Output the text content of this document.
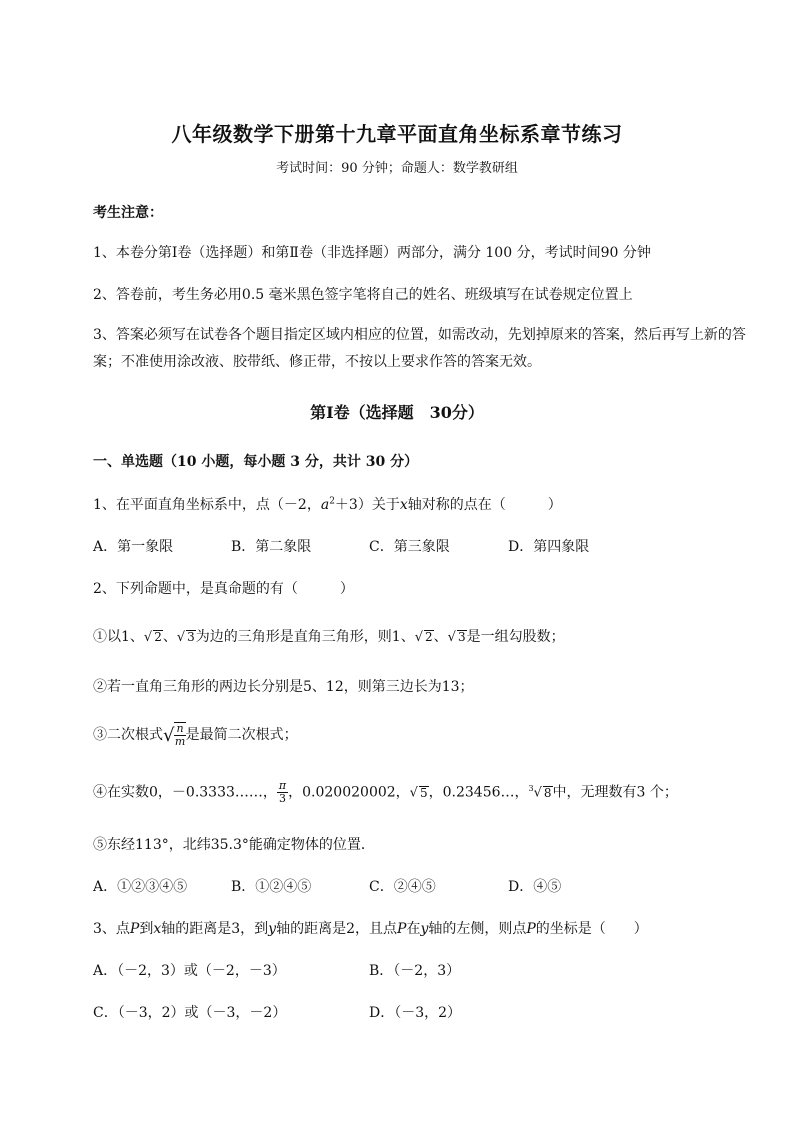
八年级数学下册第十九章平面直角坐标系章节练习
考试时间：90 分钟；命题人：数学教研组
考生注意：
1、本卷分第Ⅰ卷（选择题）和第Ⅱ卷（非选择题）两部分，满分 100 分，考试时间90 分钟
2、答卷前，考生务必用0.5 毫米黑色签字笔将自己的姓名、班级填写在试卷规定位置上
3、答案必须写在试卷各个题目指定区域内相应的位置，如需改动，先划掉原来的答案，然后再写上新的答案；不准使用涂改液、胶带纸、修正带，不按以上要求作答的答案无效。
第Ⅰ卷（选择题　30分）
一、单选题（10 小题，每小题 3 分，共计 30 分）
1、在平面直角坐标系中，点（－2，$a^2+3$）关于x轴对称的点在（　　　）
A．第一象限	B．第二象限	C．第三象限	D．第四象限
2、下列命题中，是真命题的有（　　　）
①以1、√ 2、√ 3为边的三角形是直角三角形，则1、√ 2、√ 3是一组勾股数；
②若一直角三角形的两边长分别是5、12，则第三边长为13；
③二次根式 √ $\frac{n}{m}$ 是最简二次根式；
④在实数0，－0.3333……， $\frac{\pi}{3}$ ，0.020020002，√ 5，0.23456…，$^3$√ 8中，无理数有3 个；
⑤东经113°，北纬35.3°能确定物体的位置．
A．①②③④⑤	B．①②④⑤	C．②④⑤	D．④⑤
3、点P到x轴的距离是3，到y轴的距离是2，且点P在y轴的左侧，则点P的坐标是（　　）
A．（－2，3）或（－2，－3）	B．（－2，3）
C．（－3，2）或（－3，－2）	D．（－3，2）
